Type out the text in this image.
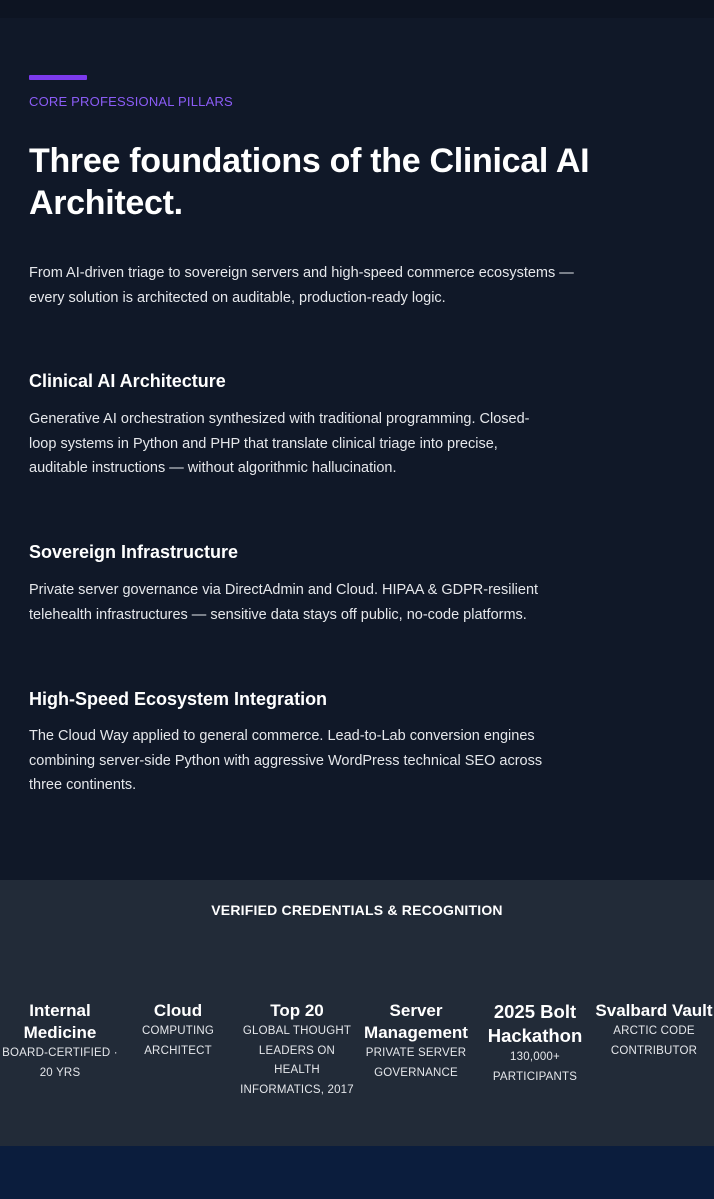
CORE PROFESSIONAL PILLARS
Three foundations of the Clinical AI Architect.

From AI-driven triage to sovereign servers and high-speed commerce ecosystems — every solution is architected on auditable, production-ready logic.

Clinical AI Architecture

Generative AI orchestration synthesized with traditional programming. Closed-loop systems in Python and PHP that translate clinical triage into precise, auditable instructions — without algorithmic hallucination.

Sovereign Infrastructure

Private server governance via DirectAdmin and Cloud. HIPAA & GDPR-resilient telehealth infrastructures — sensitive data stays off public, no-code platforms.

High-Speed Ecosystem Integration

The Cloud Way applied to general commerce. Lead-to-Lab conversion engines combining server-side Python with aggressive WordPress technical SEO across three continents.

VERIFIED CREDENTIALS & RECOGNITION
Internal Medicine
BOARD-CERTIFIED · 20 YRS
Cloud
COMPUTING ARCHITECT
Top 20
GLOBAL THOUGHT LEADERS ON HEALTH INFORMATICS, 2017
Server Management
PRIVATE SERVER GOVERNANCE
2025 Bolt Hackathon
130,000+ PARTICIPANTS
Svalbard Vault
ARCTIC CODE CONTRIBUTOR
